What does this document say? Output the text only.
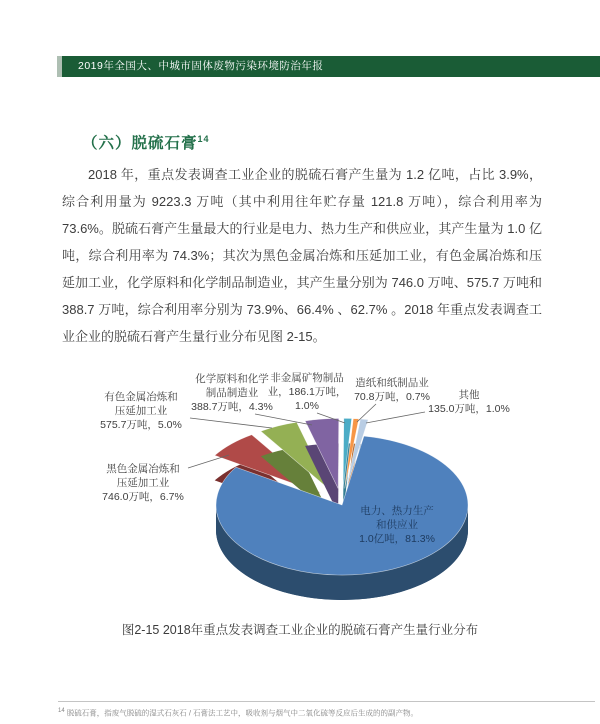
2019年全国大、中城市固体废物污染环境防治年报
（六）脱硫石膏$^{14}$

2018 年，重点发表调查工业企业的脱硫石膏产生量为 1.2 亿吨，占比 3.9%，综合利用量为 9223.3 万吨（其中利用往年贮存量 121.8 万吨），综合利用率为 73.6%。脱硫石膏产生量最大的行业是电力、热力生产和供应业，其产生量为 1.0 亿吨，综合利用率为 74.3%；其次为黑色金属冶炼和压延加工业，有色金属冶炼和压延加工业，化学原料和化学制品制造业，其产生量分别为 746.0 万吨、575.7 万吨和 388.7 万吨，综合利用率分别为 73.9%、66.4% 、62.7% 。2018 年重点发表调查工业企业的脱硫石膏产生量行业分布见图 2-15。

黑色金属冶炼和
压延加工业
746.0万吨，6.7%
有色金属冶炼和
压延加工业
575.7万吨，5.0%
化学原料和化学
制品制造业
388.7万吨，4.3%
非金属矿物制品
业，186.1万吨，
1.0%
造纸和纸制品业
70.8万吨，0.7%	其他
135.0万吨，1.0%
电力、热力生产
和供应业
1.0亿吨，81.3%
图2-15 2018年重点发表调查工业企业的脱硫石膏产生量行业分布
$^{14}$ 脱硫石膏，指废气脱硫的湿式石灰石 / 石膏法工艺中，吸收剂与烟气中二氧化硫等反应后生成的的副产物。
